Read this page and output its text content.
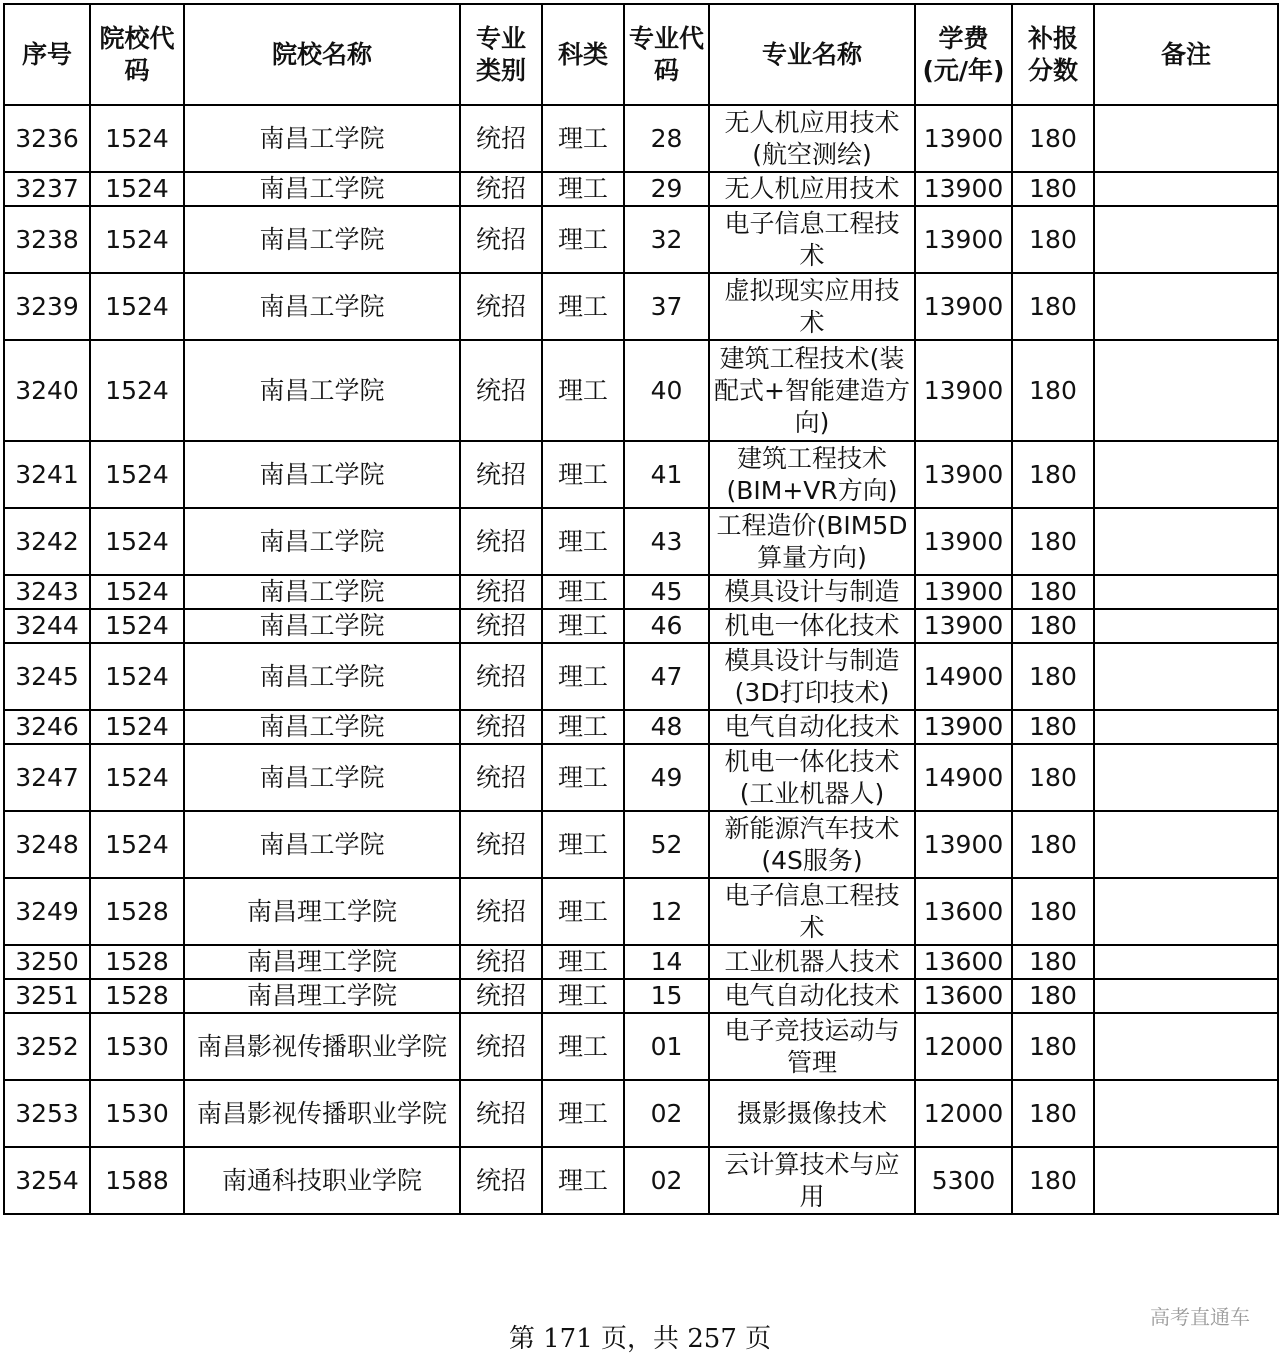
序号	院校代码	院校名称	专业类别	科类	专业代码	专业名称	学费(元/年)	补报分数	备注
3236	1524	南昌工学院	统招	理工	28	无人机应用技术(航空测绘)	13900	180	
3237	1524	南昌工学院	统招	理工	29	无人机应用技术	13900	180	
3238	1524	南昌工学院	统招	理工	32	电子信息工程技术	13900	180	
3239	1524	南昌工学院	统招	理工	37	虚拟现实应用技术	13900	180	
3240	1524	南昌工学院	统招	理工	40	建筑工程技术(装配式+智能建造方向)	13900	180	
3241	1524	南昌工学院	统招	理工	41	建筑工程技术(BIM+VR方向)	13900	180	
3242	1524	南昌工学院	统招	理工	43	工程造价(BIM5D算量方向)	13900	180	
3243	1524	南昌工学院	统招	理工	45	模具设计与制造	13900	180	
3244	1524	南昌工学院	统招	理工	46	机电一体化技术	13900	180	
3245	1524	南昌工学院	统招	理工	47	模具设计与制造(3D打印技术)	14900	180	
3246	1524	南昌工学院	统招	理工	48	电气自动化技术	13900	180	
3247	1524	南昌工学院	统招	理工	49	机电一体化技术(工业机器人)	14900	180	
3248	1524	南昌工学院	统招	理工	52	新能源汽车技术(4S服务)	13900	180	
3249	1528	南昌理工学院	统招	理工	12	电子信息工程技术	13600	180	
3250	1528	南昌理工学院	统招	理工	14	工业机器人技术	13600	180	
3251	1528	南昌理工学院	统招	理工	15	电气自动化技术	13600	180	
3252	1530	南昌影视传播职业学院	统招	理工	01	电子竞技运动与管理	12000	180	
3253	1530	南昌影视传播职业学院	统招	理工	02	摄影摄像技术	12000	180	
3254	1588	南通科技职业学院	统招	理工	02	云计算技术与应用	5300	180	
第 171 页，共 257 页
高考直通车
